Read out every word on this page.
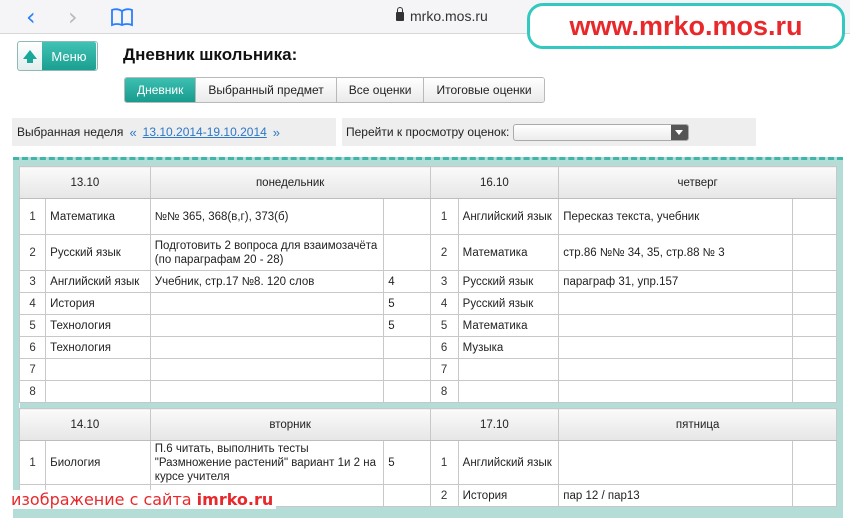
‹ ›	mrko.mos.ru	www.mrko.mos.ru
Меню	Дневник школьника:
Дневник	Выбранный предмет	Все оценки	Итоговые оценки
Выбранная неделя « 13.10.2014-19.10.2014 »	Перейти к просмотру оценок:
13.10		понедельник		16.10		четверг	
1	Математика	№№ 365, 368(в,г), 373(б)			1	Английский язык	Пересказ текста, учебник	
2	Русский язык	Подготовить 2 вопроса для взаимозачёта (по параграфам 20 - 28)			2	Математика	стр.86 №№ 34, 35, стр.88 № 3	
3	Английский язык	Учебник, стр.17 №8. 120 слов	4		3	Русский язык	параграф 31, упр.157	
4	История		5		4	Русский язык		
5	Технология		5		5	Математика		
6	Технология				6	Музыка		
7					7			
8					8			

14.10		вторник		17.10		пятница	
1	Биология	П.6 читать, выполнить тесты "Размножение растений" вариант 1и 2 на курсе учителя	5		1	Английский язык		
					2	История	пар 12 / пар13	
изображение с сайта imrko.ru
